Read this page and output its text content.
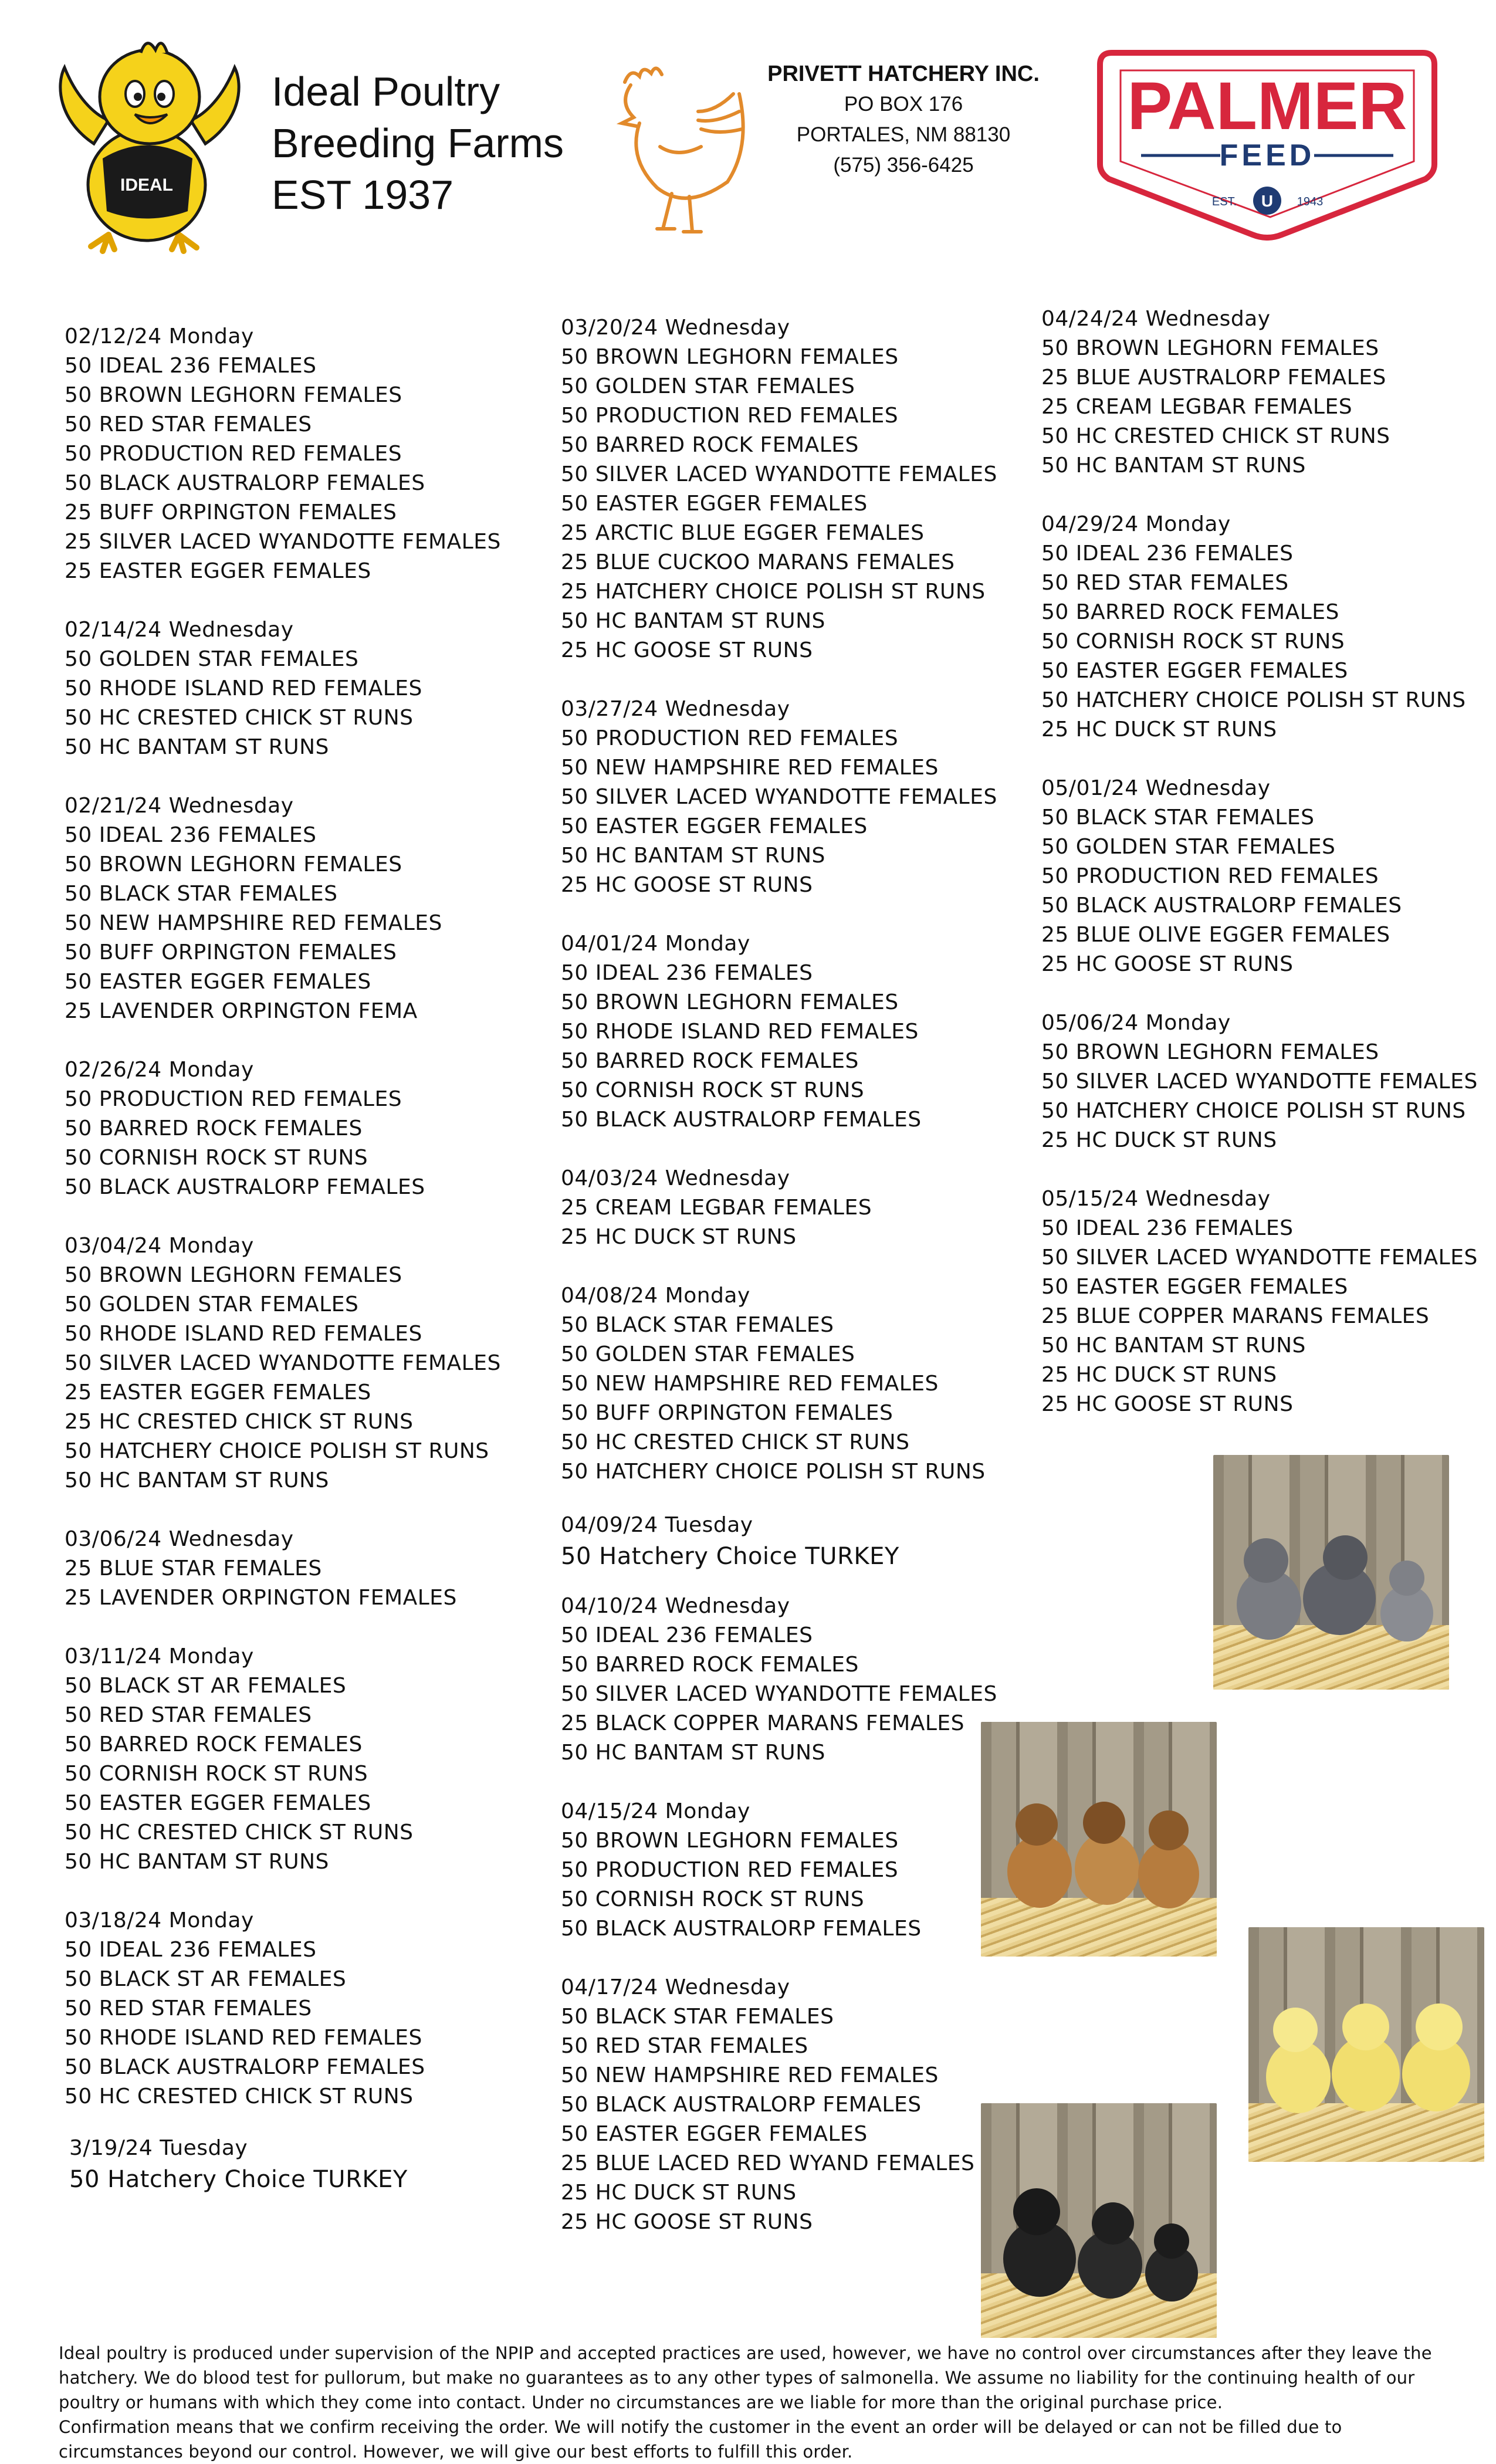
IDEAL
Ideal Poultry
Breeding Farms
EST 1937
PRIVETT HATCHERY INC.
PO BOX 176
PORTALES, NM 88130
(575) 356-6425
PALMER
FEED
EST. U 1943
02/12/24 Monday
50 IDEAL 236 FEMALES
50 BROWN LEGHORN FEMALES
50 RED STAR FEMALES
50 PRODUCTION RED FEMALES
50 BLACK AUSTRALORP FEMALES
25 BUFF ORPINGTON FEMALES
25 SILVER LACED WYANDOTTE FEMALES
25 EASTER EGGER FEMALES
02/14/24 Wednesday
50 GOLDEN STAR FEMALES
50 RHODE ISLAND RED FEMALES
50 HC CRESTED CHICK ST RUNS
50 HC BANTAM ST RUNS
02/21/24 Wednesday
50 IDEAL 236 FEMALES
50 BROWN LEGHORN FEMALES
50 BLACK STAR FEMALES
50 NEW HAMPSHIRE RED FEMALES
50 BUFF ORPINGTON FEMALES
50 EASTER EGGER FEMALES
25 LAVENDER ORPINGTON FEMA
02/26/24 Monday
50 PRODUCTION RED FEMALES
50 BARRED ROCK FEMALES
50 CORNISH ROCK ST RUNS
50 BLACK AUSTRALORP FEMALES
03/04/24 Monday
50 BROWN LEGHORN FEMALES
50 GOLDEN STAR FEMALES
50 RHODE ISLAND RED FEMALES
50 SILVER LACED WYANDOTTE FEMALES
25 EASTER EGGER FEMALES
25 HC CRESTED CHICK ST RUNS
50 HATCHERY CHOICE POLISH ST RUNS
50 HC BANTAM ST RUNS
03/06/24 Wednesday
25 BLUE STAR FEMALES
25 LAVENDER ORPINGTON FEMALES
03/11/24 Monday
50 BLACK ST AR FEMALES
50 RED STAR FEMALES
50 BARRED ROCK FEMALES
50 CORNISH ROCK ST RUNS
50 EASTER EGGER FEMALES
50 HC CRESTED CHICK ST RUNS
50 HC BANTAM ST RUNS
03/18/24 Monday
50 IDEAL 236 FEMALES
50 BLACK ST AR FEMALES
50 RED STAR FEMALES
50 RHODE ISLAND RED FEMALES
50 BLACK AUSTRALORP FEMALES
50 HC CRESTED CHICK ST RUNS
3/19/24 Tuesday
50 Hatchery Choice TURKEY
03/20/24 Wednesday
50 BROWN LEGHORN FEMALES
50 GOLDEN STAR FEMALES
50 PRODUCTION RED FEMALES
50 BARRED ROCK FEMALES
50 SILVER LACED WYANDOTTE FEMALES
50 EASTER EGGER FEMALES
25 ARCTIC BLUE EGGER FEMALES
25 BLUE CUCKOO MARANS FEMALES
25 HATCHERY CHOICE POLISH ST RUNS
50 HC BANTAM ST RUNS
25 HC GOOSE ST RUNS
03/27/24 Wednesday
50 PRODUCTION RED FEMALES
50 NEW HAMPSHIRE RED FEMALES
50 SILVER LACED WYANDOTTE FEMALES
50 EASTER EGGER FEMALES
50 HC BANTAM ST RUNS
25 HC GOOSE ST RUNS
04/01/24 Monday
50 IDEAL 236 FEMALES
50 BROWN LEGHORN FEMALES
50 RHODE ISLAND RED FEMALES
50 BARRED ROCK FEMALES
50 CORNISH ROCK ST RUNS
50 BLACK AUSTRALORP FEMALES
04/03/24 Wednesday
25 CREAM LEGBAR FEMALES
25 HC DUCK ST RUNS
04/08/24 Monday
50 BLACK STAR FEMALES
50 GOLDEN STAR FEMALES
50 NEW HAMPSHIRE RED FEMALES
50 BUFF ORPINGTON FEMALES
50 HC CRESTED CHICK ST RUNS
50 HATCHERY CHOICE POLISH ST RUNS
04/09/24 Tuesday
50 Hatchery Choice TURKEY
04/10/24 Wednesday
50 IDEAL 236 FEMALES
50 BARRED ROCK FEMALES
50 SILVER LACED WYANDOTTE FEMALES
25 BLACK COPPER MARANS FEMALES
50 HC BANTAM ST RUNS
04/15/24 Monday
50 BROWN LEGHORN FEMALES
50 PRODUCTION RED FEMALES
50 CORNISH ROCK ST RUNS
50 BLACK AUSTRALORP FEMALES
04/17/24 Wednesday
50 BLACK STAR FEMALES
50 RED STAR FEMALES
50 NEW HAMPSHIRE RED FEMALES
50 BLACK AUSTRALORP FEMALES
50 EASTER EGGER FEMALES
25 BLUE LACED RED WYAND FEMALES
25 HC DUCK ST RUNS
25 HC GOOSE ST RUNS
04/24/24 Wednesday
50 BROWN LEGHORN FEMALES
25 BLUE AUSTRALORP FEMALES
25 CREAM LEGBAR FEMALES
50 HC CRESTED CHICK ST RUNS
50 HC BANTAM ST RUNS
04/29/24 Monday
50 IDEAL 236 FEMALES
50 RED STAR FEMALES
50 BARRED ROCK FEMALES
50 CORNISH ROCK ST RUNS
50 EASTER EGGER FEMALES
50 HATCHERY CHOICE POLISH ST RUNS
25 HC DUCK ST RUNS
05/01/24 Wednesday
50 BLACK STAR FEMALES
50 GOLDEN STAR FEMALES
50 PRODUCTION RED FEMALES
50 BLACK AUSTRALORP FEMALES
25 BLUE OLIVE EGGER FEMALES
25 HC GOOSE ST RUNS
05/06/24 Monday
50 BROWN LEGHORN FEMALES
50 SILVER LACED WYANDOTTE FEMALES
50 HATCHERY CHOICE POLISH ST RUNS
25 HC DUCK ST RUNS
05/15/24 Wednesday
50 IDEAL 236 FEMALES
50 SILVER LACED WYANDOTTE FEMALES
50 EASTER EGGER FEMALES
25 BLUE COPPER MARANS FEMALES
50 HC BANTAM ST RUNS
25 HC DUCK ST RUNS
25 HC GOOSE ST RUNS

Ideal poultry is produced under supervision of the NPIP and accepted practices are used, however, we have no control over circumstances after they leave the hatchery. We do blood test for pullorum, but make no guarantees as to any other types of salmonella. We assume no liability for the continuing health of our poultry or humans with which they come into contact. Under no circumstances are we liable for more than the original purchase price.

Confirmation means that we confirm receiving the order. We will notify the customer in the event an order will be delayed or can not be filled due to circumstances beyond our control. However, we will give our best efforts to fulfill this order.
